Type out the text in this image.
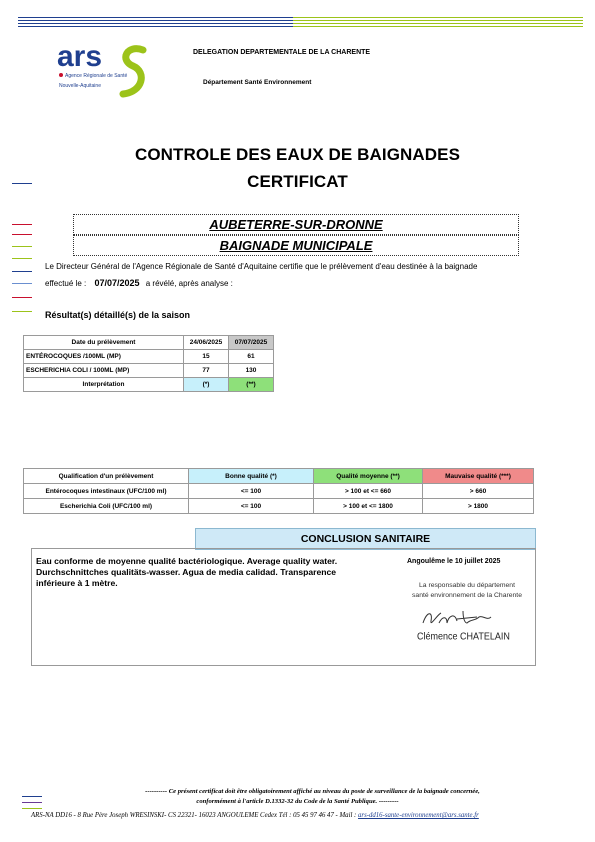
ars
Agence Régionale de Santé
Nouvelle-Aquitaine
DELEGATION DEPARTEMENTALE DE LA CHARENTE
Département Santé Environnement
CONTROLE DES EAUX DE BAIGNADES
CERTIFICAT
AUBETERRE-SUR-DRONNE
BAIGNADE MUNICIPALE
Le Directeur Général de l'Agence Régionale de Santé d'Aquitaine certifie que le prélèvement d'eau destinée à la baignade
effectué le : 07/07/2025 a révélé, après analyse :
Résultat(s) détaillé(s) de la saison
Date du prélèvement	24/06/2025	07/07/2025
ENTÉROCOQUES /100ML (MP)	15	61
ESCHERICHIA COLI / 100ML (MP)	77	130
Interprétation	(*)	(**)
Qualification d'un prélèvement	Bonne qualité (*)	Qualité moyenne (**)	Mauvaise qualité (***)
Entérocoques intestinaux (UFC/100 ml)	<= 100	> 100 et <= 660	> 660
Escherichia Coli (UFC/100 ml)	<= 100	> 100 et <= 1800	> 1800
CONCLUSION SANITAIRE
Eau conforme de moyenne qualité bactériologique. Average quality water. Durchschnittches qualitäts-wasser. Agua de media calidad. Transparence inférieure à 1 mètre.
Angoulême le 10 juillet 2025
La responsable du département
santé environnement de la Charente
Clémence CHATELAIN
---------- Ce présent certificat doit être obligatoirement affiché au niveau du poste de surveillance de la baignade concernée,
conformément à l'article D.1332-32 du Code de la Santé Publique. ---------
ARS-NA DD16 - 8 Rue Père Joseph WRESINSKI- CS 22321- 16023 ANGOULEME Cedex Tél : 05 45 97 46 47 - Mail : ars-dd16-sante-environnement@ars.sante.fr
